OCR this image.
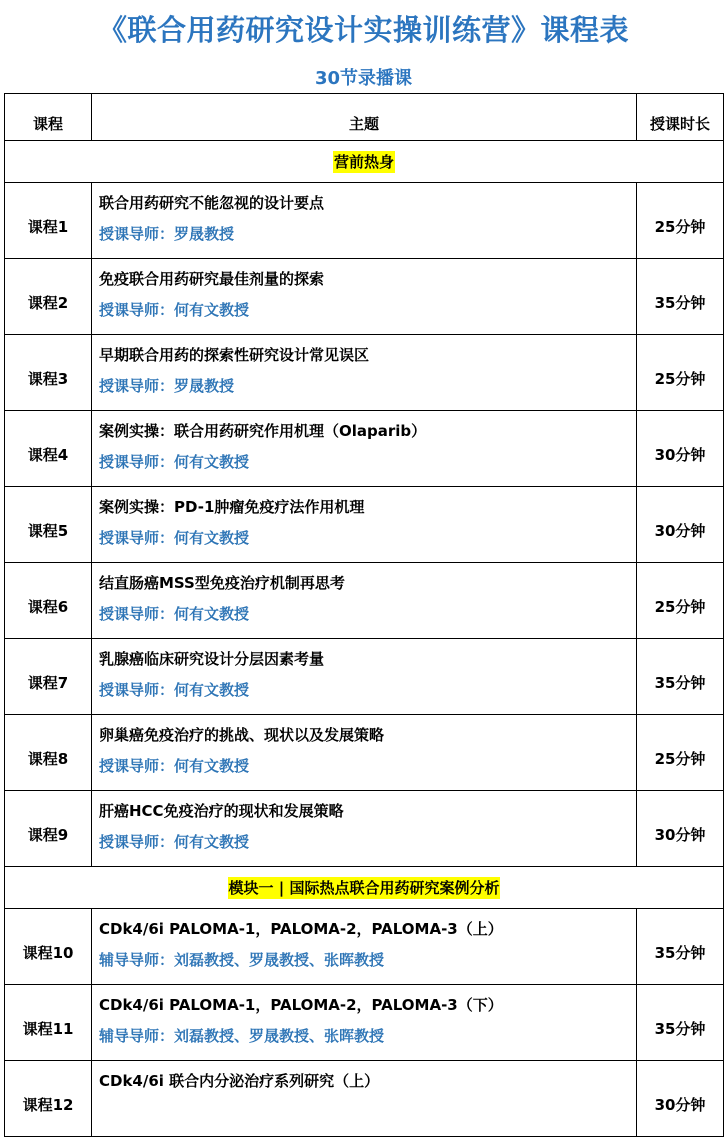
《联合用药研究设计实操训练营》课程表
30节录播课
课程	主题	授课时长
营前热身		
课程1	联合用药研究不能忽视的设计要点
授课导师：罗晟教授	25分钟
课程2	免疫联合用药研究最佳剂量的探索
授课导师：何有文教授	35分钟
课程3	早期联合用药的探索性研究设计常见误区
授课导师：罗晟教授	25分钟
课程4	案例实操：联合用药研究作用机理（Olaparib）
授课导师：何有文教授	30分钟
课程5	案例实操：PD-1肿瘤免疫疗法作用机理
授课导师：何有文教授	30分钟
课程6	结直肠癌MSS型免疫治疗机制再思考
授课导师：何有文教授	25分钟
课程7	乳腺癌临床研究设计分层因素考量
授课导师：何有文教授	35分钟
课程8	卵巢癌免疫治疗的挑战、现状以及发展策略
授课导师：何有文教授	25分钟
课程9	肝癌HCC免疫治疗的现状和发展策略
授课导师：何有文教授	30分钟
模块一 | 国际热点联合用药研究案例分析		
课程10	CDk4/6i PALOMA-1，PALOMA-2，PALOMA-3（上）
辅导导师：刘磊教授、罗晟教授、张晖教授	35分钟
课程11	CDk4/6i PALOMA-1，PALOMA-2，PALOMA-3（下）
辅导导师：刘磊教授、罗晟教授、张晖教授	35分钟
课程12	CDk4/6i 联合内分泌治疗系列研究（上）	30分钟
